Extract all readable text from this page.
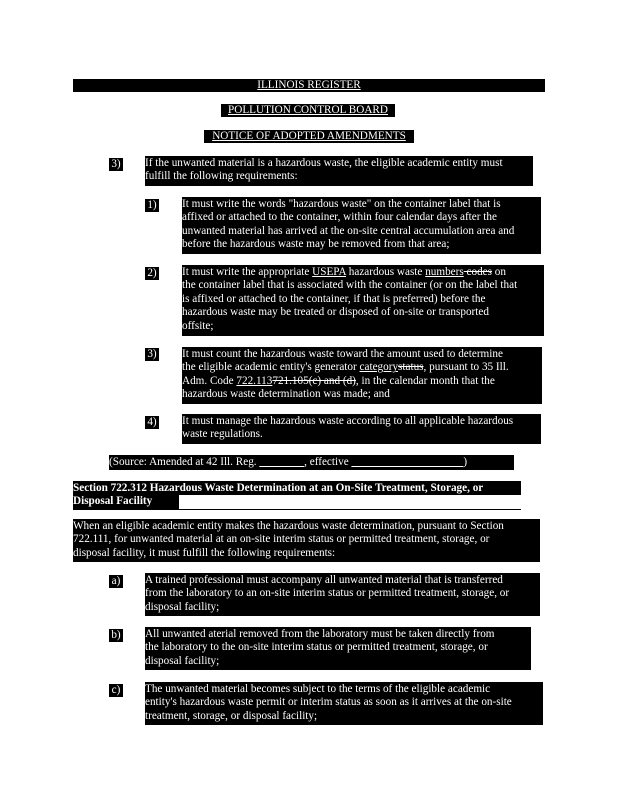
ILLINOIS REGISTER
POLLUTION CONTROL BOARD
NOTICE OF ADOPTED AMENDMENTS
3) If the unwanted material is a hazardous waste, the eligible academic entity must
fulfill the following requirements:
1) It must write the words "hazardous waste" on the container label that is
affixed or attached to the container, within four calendar days after the
unwanted material has arrived at the on-site central accumulation area and
before the hazardous waste may be removed from that area;
2) It must write the appropriate USEPA hazardous waste numbers codes on
the container label that is associated with the container (or on the label that
is affixed or attached to the container, if that is preferred) before the
hazardous waste may be treated or disposed of on-site or transported
offsite;
3) It must count the hazardous waste toward the amount used to determine
the eligible academic entity's generator categorystatus, pursuant to 35 Ill.
Adm. Code 722.113721.105(c) and (d), in the calendar month that the
hazardous waste determination was made; and
4) It must manage the hazardous waste according to all applicable hazardous
waste regulations.
(Source: Amended at 42 Ill. Reg. ________, effective ____________________)
Section 722.312 Hazardous Waste Determination at an On-Site Treatment, Storage, or
Disposal Facility
When an eligible academic entity makes the hazardous waste determination, pursuant to Section
722.111, for unwanted material at an on-site interim status or permitted treatment, storage, or
disposal facility, it must fulfill the following requirements:
a) A trained professional must accompany all unwanted material that is transferred
from the laboratory to an on-site interim status or permitted treatment, storage, or
disposal facility;
b) All unwanted aterial removed from the laboratory must be taken directly from
the laboratory to the on-site interim status or permitted treatment, storage, or
disposal facility;
c) The unwanted material becomes subject to the terms of the eligible academic
entity's hazardous waste permit or interim status as soon as it arrives at the on-site
treatment, storage, or disposal facility;
